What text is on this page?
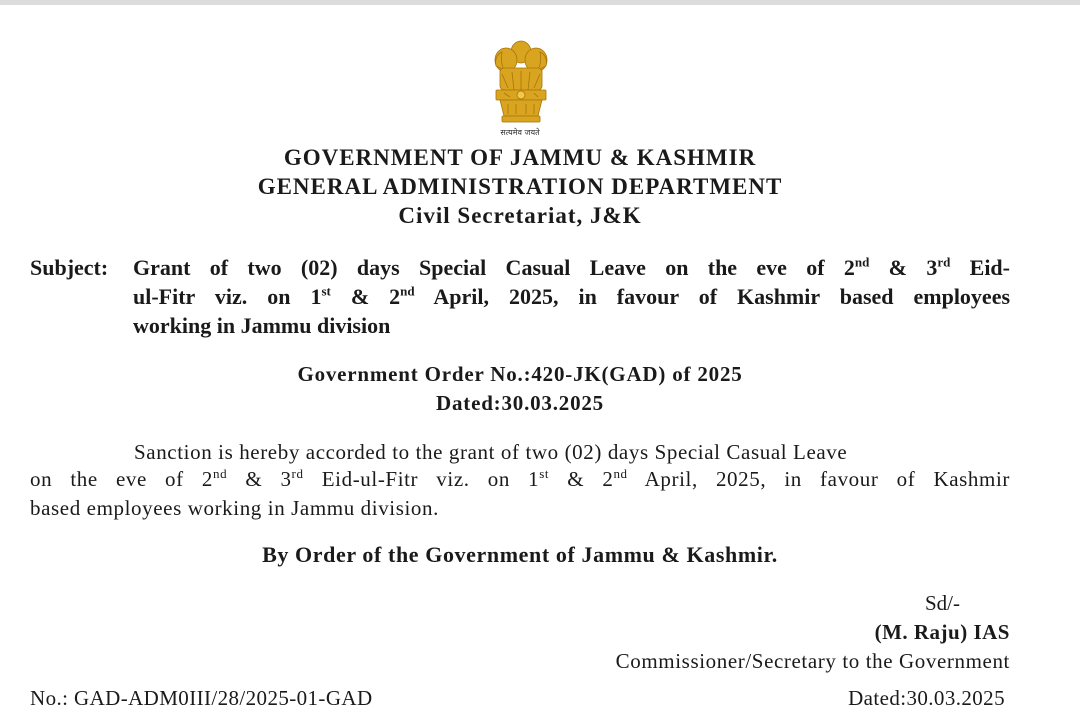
सत्यमेव जयते
GOVERNMENT OF JAMMU & KASHMIR
GENERAL ADMINISTRATION DEPARTMENT
Civil Secretariat, J&K
Subject: Grant of two (02) days Special Casual Leave on the eve of 2nd & 3rd Eid-
ul-Fitr viz. on 1st & 2nd April, 2025, in favour of Kashmir based employees
working in Jammu division
Government Order No.:420-JK(GAD) of 2025
Dated:30.03.2025
Sanction is hereby accorded to the grant of two (02) days Special Casual Leave
on the eve of 2nd & 3rd Eid-ul-Fitr viz. on 1st & 2nd April, 2025, in favour of Kashmir
based employees working in Jammu division.
By Order of the Government of Jammu & Kashmir.
Sd/-
(M. Raju) IAS
Commissioner/Secretary to the Government
No.: GAD-ADM0III/28/2025-01-GAD	Dated:30.03.2025
